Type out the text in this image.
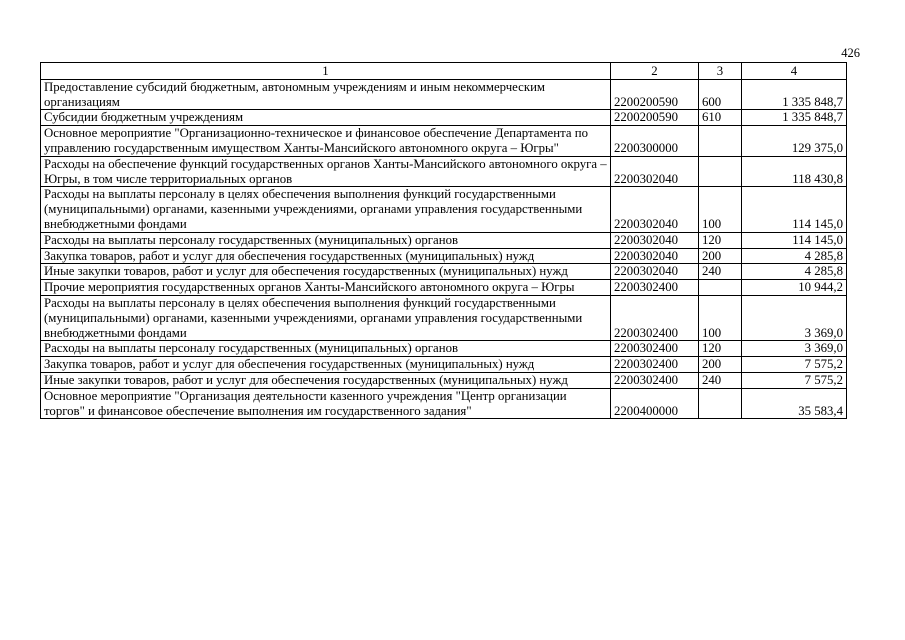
426
1	2	3	4
Предоставление субсидий бюджетным, автономным учреждениям и иным некоммерческим организациям	2200200590	600	1 335 848,7
Субсидии бюджетным учреждениям	2200200590	610	1 335 848,7
Основное мероприятие "Организационно-техническое и финансовое обеспечение Департамента по управлению государственным имуществом Ханты-Мансийского автономного округа – Югры"	2200300000		129 375,0
Расходы на обеспечение функций государственных органов Ханты-Мансийского автономного округа – Югры, в том числе территориальных органов	2200302040		118 430,8
Расходы на выплаты персоналу в целях обеспечения выполнения функций государственными (муниципальными) органами, казенными учреждениями, органами управления государственными внебюджетными фондами	2200302040	100	114 145,0
Расходы на выплаты персоналу государственных (муниципальных) органов	2200302040	120	114 145,0
Закупка товаров, работ и услуг для обеспечения государственных (муниципальных) нужд	2200302040	200	4 285,8
Иные закупки товаров, работ и услуг для обеспечения государственных (муниципальных) нужд	2200302040	240	4 285,8
Прочие мероприятия государственных органов Ханты-Мансийского автономного округа – Югры	2200302400		10 944,2
Расходы на выплаты персоналу в целях обеспечения выполнения функций государственными (муниципальными) органами, казенными учреждениями, органами управления государственными внебюджетными фондами	2200302400	100	3 369,0
Расходы на выплаты персоналу государственных (муниципальных) органов	2200302400	120	3 369,0
Закупка товаров, работ и услуг для обеспечения государственных (муниципальных) нужд	2200302400	200	7 575,2
Иные закупки товаров, работ и услуг для обеспечения государственных (муниципальных) нужд	2200302400	240	7 575,2
Основное мероприятие "Организация деятельности казенного учреждения "Центр организации торгов" и финансовое обеспечение выполнения им государственного задания"	2200400000		35 583,4
